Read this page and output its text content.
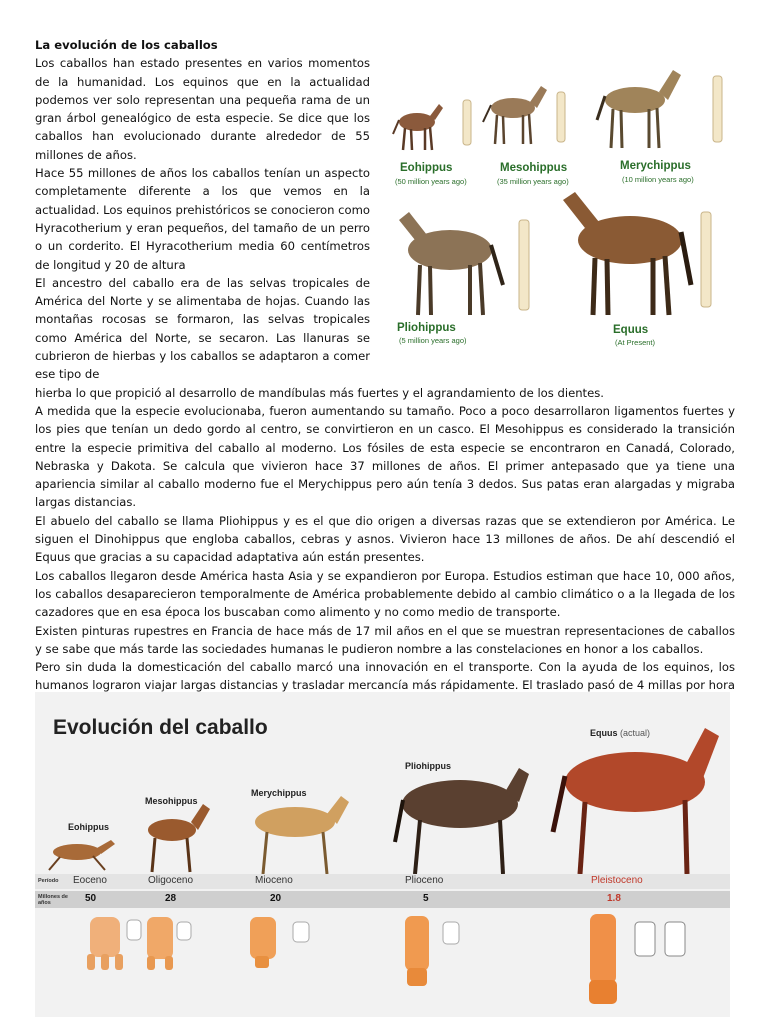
La evolución de los caballos

Los caballos han estado presentes en varios momentos de la humanidad. Los equinos que en la actualidad podemos ver solo representan una pequeña rama de un gran árbol genealógico de esta especie. Se dice que los caballos han evolucionado durante alrededor de 55 millones de años.

Hace 55 millones de años los caballos tenían un aspecto completamente diferente a los que vemos en la actualidad. Los equinos prehistóricos se conocieron como Hyracotherium y eran pequeños, del tamaño de un perro o un corderito. El Hyracotherium media 60 centímetros de longitud y 20 de altura

El ancestro del caballo era de las selvas tropicales de América del Norte y se alimentaba de hojas. Cuando las montañas rocosas se formaron, las selvas tropicales como América del Norte, se secaron. Las llanuras se cubrieron de hierbas y los caballos se adaptaron a comer ese tipo de

hierba lo que propició al desarrollo de mandíbulas más fuertes y el agrandamiento de los dientes.

A medida que la especie evolucionaba, fueron aumentando su tamaño. Poco a poco desarrollaron ligamentos fuertes y los pies que tenían un dedo gordo al centro, se convirtieron en un casco. El Mesohippus es considerado la transición entre la especie primitiva del caballo al moderno. Los fósiles de esta especie se encontraron en Canadá, Colorado, Nebraska y Dakota. Se calcula que vivieron hace 37 millones de años. El primer antepasado que ya tiene una apariencia similar al caballo moderno fue el Merychippus pero aún tenía 3 dedos. Sus patas eran alargadas y migraba largas distancias.

El abuelo del caballo se llama Pliohippus y es el que dio origen a diversas razas que se extendieron por América. Le siguen el Dinohippus que engloba caballos, cebras y asnos. Vivieron hace 13 millones de años. De ahí descendió el Equus que gracias a su capacidad adaptativa aún están presentes.

Los caballos llegaron desde América hasta Asia y se expandieron por Europa. Estudios estiman que hace 10, 000 años, los caballos desaparecieron temporalmente de América probablemente debido al cambio climático o a la llegada de los cazadores que en esa época los buscaban como alimento y no como medio de transporte.

Existen pinturas rupestres en Francia de hace más de 17 mil años en el que se muestran representaciones de caballos y se sabe que más tarde las sociedades humanas le pudieron nombre a las constelaciones en honor a los caballos.

Pero sin duda la domesticación del caballo marcó una innovación en el transporte. Con la ayuda de los equinos, los humanos lograron viajar largas distancias y trasladar mercancía más rápidamente. El traslado pasó de 4 millas por hora

Eohippus
(50 million years ago)
Mesohippus
(35 million years ago)
Merychippus
(10 million years ago)
Pliohippus
(5 million years ago)
Equus
(At Present)
Evolución del caballo
Eohippus
Mesohippus
Merychippus
Pliohippus
Equus (actual)
Período Eoceno	Oligoceno	Mioceno	Plioceno	Pleistoceno
Millones de años	50	28	20	5	1.8
